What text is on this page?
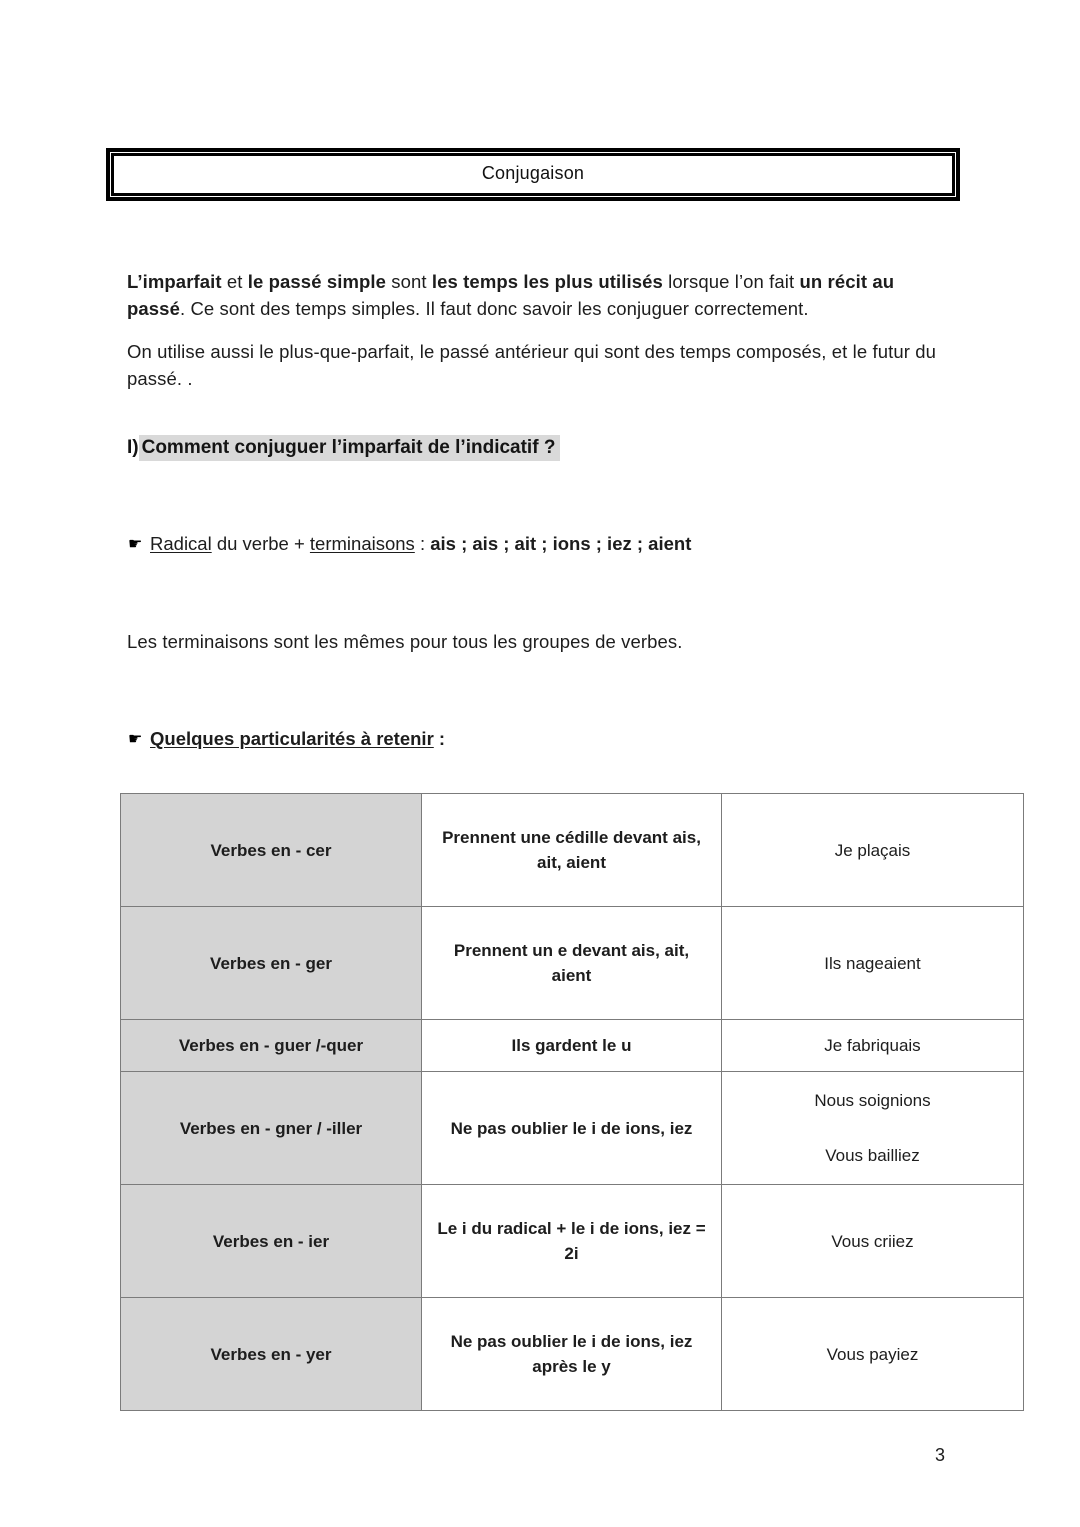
Conjugaison
L’imparfait et le passé simple sont les temps les plus utilisés lorsque l’on fait un récit au passé. Ce sont des temps simples. Il faut donc savoir les conjuguer correctement.
On utilise aussi le plus-que-parfait, le passé antérieur qui sont des temps composés, et le futur du passé. .
I) Comment conjuguer l’imparfait de l’indicatif ?
☛ Radical du verbe + terminaisons : ais ; ais ; ait ; ions ; iez ; aient
Les terminaisons sont les mêmes pour tous les groupes de verbes.
☛ Quelques particularités à retenir :
Verbes en - cer	Prennent une cédille devant ais, ait, aient	Je plaçais
Verbes en - ger	Prennent un e devant ais, ait, aient	Ils nageaient
Verbes en - guer /-quer	Ils gardent le u	Je fabriquais
Verbes en - gner / -iller	Ne pas oublier le i de ions, iez	Nous soignions
Vous bailliez

Verbes en - ier	Le i du radical + le i de ions, iez = 2i	Vous criiez
Verbes en - yer	Ne pas oublier le i de ions, iez après le y	Vous payiez
3
